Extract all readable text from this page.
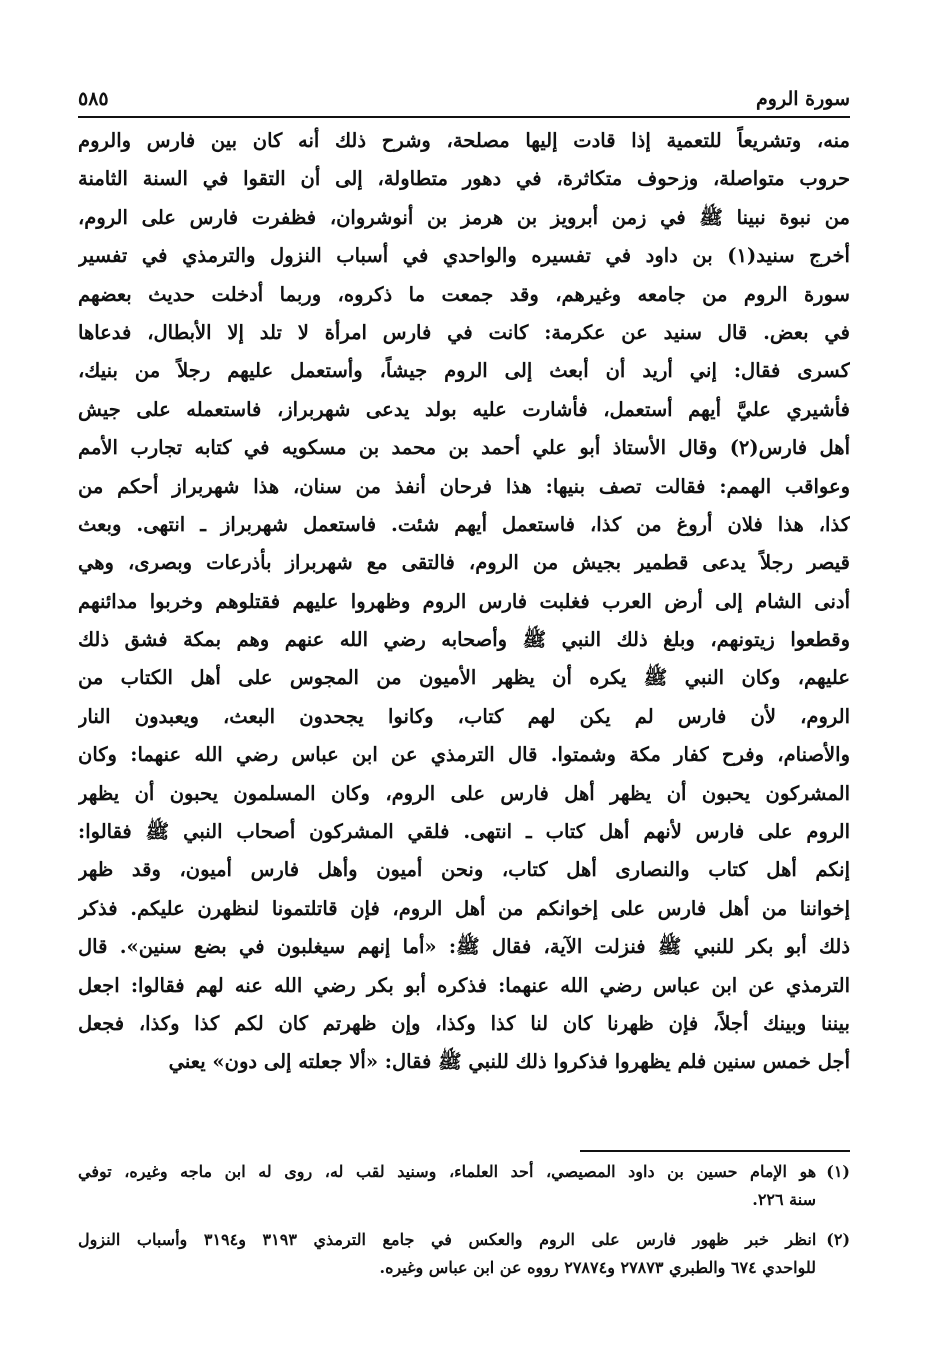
سورة الروم
٥٨٥
منه، وتشريعاً للتعمية إذا قادت إليها مصلحة، وشرح ذلك أنه كان بين فارس والروم
حروب متواصلة، وزحوف متكاثرة، في دهور متطاولة، إلى أن التقوا في السنة الثامنة
من نبوة نبينا ﷺ في زمن أبرويز بن هرمز بن أنوشروان، فظفرت فارس على الروم،
أخرج سنيد(١) بن داود في تفسيره والواحدي في أسباب النزول والترمذي في تفسير
سورة الروم من جامعه وغيرهم، وقد جمعت ما ذكروه، وربما أدخلت حديث بعضهم
في بعض. قال سنيد عن عكرمة: كانت في فارس امرأة لا تلد إلا الأبطال، فدعاها
كسرى فقال: إني أريد أن أبعث إلى الروم جيشاً، وأستعمل عليهم رجلاً من بنيك،
فأشيري عليَّ أيهم أستعمل، فأشارت عليه بولد يدعى شهربراز، فاستعمله على جيش
أهل فارس(٢) وقال الأستاذ أبو علي أحمد بن محمد بن مسكويه في كتابه تجارب الأمم
وعواقب الهمم: فقالت تصف بنيها: هذا فرحان أنفذ من سنان، هذا شهربراز أحكم من
كذا، هذا فلان أروغ من كذا، فاستعمل أيهم شئت. فاستعمل شهربراز ـ انتهى. وبعث
قيصر رجلاً يدعى قطمير بجيش من الروم، فالتقى مع شهربراز بأذرعات وبصرى، وهي
أدنى الشام إلى أرض العرب فغلبت فارس الروم وظهروا عليهم فقتلوهم وخربوا مدائنهم
وقطعوا زيتونهم، وبلغ ذلك النبي ﷺ وأصحابه رضي الله عنهم وهم بمكة فشق ذلك
عليهم، وكان النبي ﷺ يكره أن يظهر الأميون من المجوس على أهل الكتاب من
الروم، لأن فارس لم يكن لهم كتاب، وكانوا يجحدون البعث، ويعبدون النار
والأصنام، وفرح كفار مكة وشمتوا. قال الترمذي عن ابن عباس رضي الله عنهما: وكان
المشركون يحبون أن يظهر أهل فارس على الروم، وكان المسلمون يحبون أن يظهر
الروم على فارس لأنهم أهل كتاب ـ انتهى. فلقي المشركون أصحاب النبي ﷺ فقالوا:
إنكم أهل كتاب والنصارى أهل كتاب، ونحن أميون وأهل فارس أميون، وقد ظهر
إخواننا من أهل فارس على إخوانكم من أهل الروم، فإن قاتلتمونا لنظهرن عليكم. فذكر
ذلك أبو بكر للنبي ﷺ فنزلت الآية، فقال ﷺ: «أما إنهم سيغلبون في بضع سنين». قال
الترمذي عن ابن عباس رضي الله عنهما: فذكره أبو بكر رضي الله عنه لهم فقالوا: اجعل
بيننا وبينك أجلاً، فإن ظهرنا كان لنا كذا وكذا، وإن ظهرتم كان لكم كذا وكذا، فجعل
أجل خمس سنين فلم يظهروا فذكروا ذلك للنبي ﷺ فقال: «ألا جعلته إلى دون» يعني
(١)هو الإمام حسين بن داود المصيصي، أحد العلماء، وسنيد لقب له، روى له ابن ماجه وغيره، توفي
سنة ٢٢٦.
(٢)انظر خبر ظهور فارس على الروم والعكس في جامع الترمذي ٣١٩٣ و٣١٩٤ وأسباب النزول
للواحدي ٦٧٤ والطبري ٢٧٨٧٣ و٢٧٨٧٤ رووه عن ابن عباس وغيره.
